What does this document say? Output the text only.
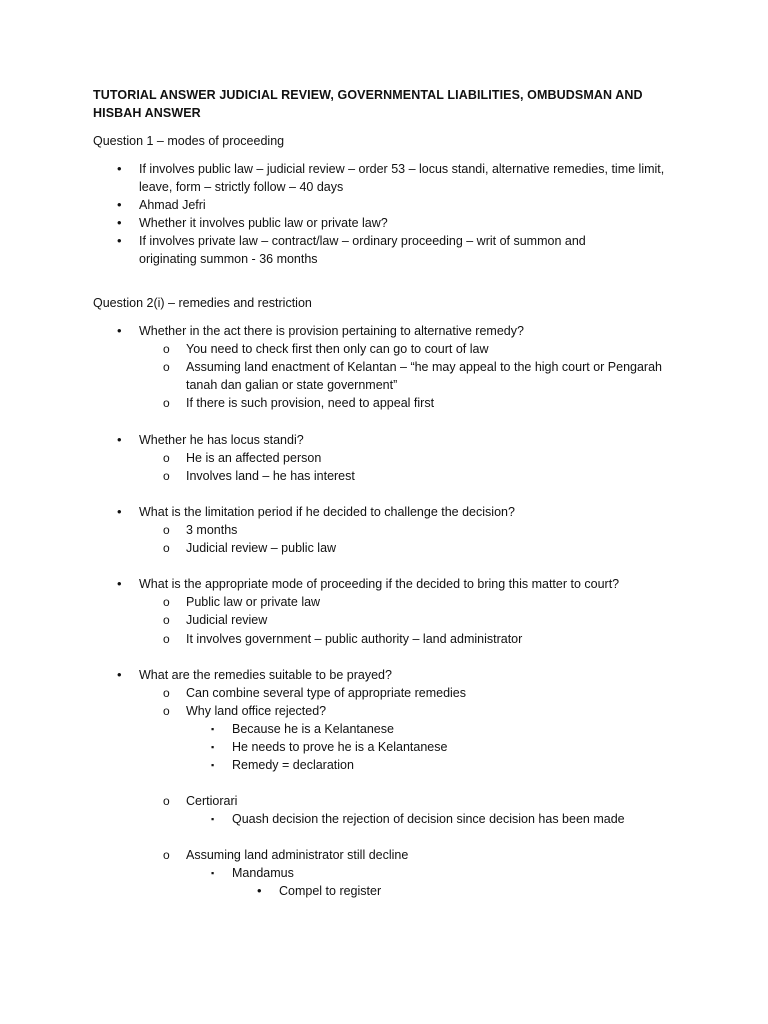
TUTORIAL ANSWER JUDICIAL REVIEW, GOVERNMENTAL LIABILITIES, OMBUDSMAN AND HISBAH ANSWER
Question 1 – modes of proceeding
• If involves public law – judicial review – order 53 – locus standi, alternative remedies, time limit, leave, form – strictly follow – 40 days
• Ahmad Jefri
• Whether it involves public law or private law?
• If involves private law – contract/law – ordinary proceeding – writ of summon and originating summon - 36 months
Question 2(i) – remedies and restriction
• Whether in the act there is provision pertaining to alternative remedy?
o You need to check first then only can go to court of law
o Assuming land enactment of Kelantan – “he may appeal to the high court or Pengarah tanah dan galian or state government”
o If there is such provision, need to appeal first
• Whether he has locus standi?
o He is an affected person
o Involves land – he has interest
• What is the limitation period if he decided to challenge the decision?
o 3 months
o Judicial review – public law
• What is the appropriate mode of proceeding if the decided to bring this matter to court?
o Public law or private law
o Judicial review
o It involves government – public authority – land administrator
• What are the remedies suitable to be prayed?
o Can combine several type of appropriate remedies
o Why land office rejected?
▪ Because he is a Kelantanese
▪ He needs to prove he is a Kelantanese
▪ Remedy = declaration
o Certiorari
▪ Quash decision the rejection of decision since decision has been made
o Assuming land administrator still decline
▪ Mandamus
• Compel to register
